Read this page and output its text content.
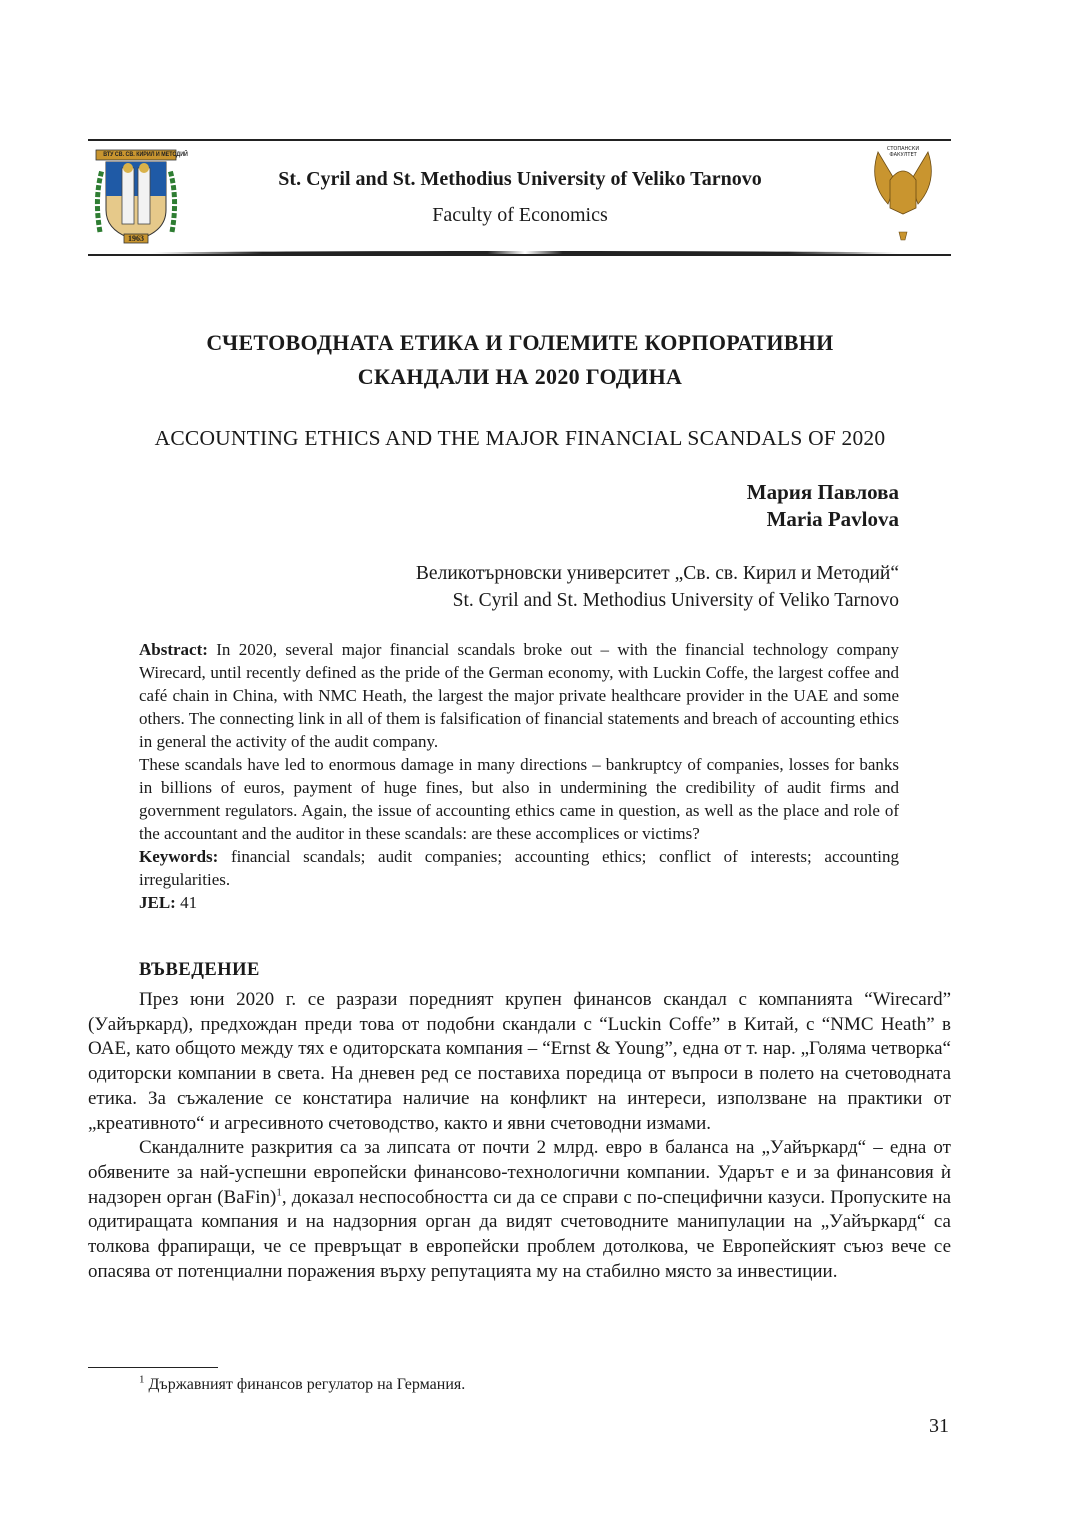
ВТУ СВ. СВ. КИРИЛ И МЕТОДИЙ
1963
St. Cyril and St. Methodius University of Veliko Tarnovo
Faculty of Economics
СТОПАНСКИ
ФАКУЛТЕТ
СЧЕТОВОДНАТА ЕТИКА И ГОЛЕМИТЕ КОРПОРАТИВНИ
СКАНДАЛИ НА 2020 ГОДИНА
ACCOUNTING ETHICS AND THE MAJOR FINANCIAL SCANDALS OF 2020
Мария Павлова
Maria Pavlova
Великотърновски университет „Св. св. Кирил и Методий“
St. Cyril and St. Methodius University of Veliko Tarnovo

Abstract: In 2020, several major financial scandals broke out – with the financial technology company Wirecard, until recently defined as the pride of the German economy, with Luckin Coffe, the largest coffee and café chain in China, with NMC Heath, the largest the major private healthcare provider in the UAE and some others. The connecting link in all of them is falsification of financial statements and breach of accounting ethics in general the activity of the audit company.

These scandals have led to enormous damage in many directions – bankruptcy of companies, losses for banks in billions of euros, payment of huge fines, but also in undermining the credibility of audit firms and government regulators. Again, the issue of accounting ethics came in question, as well as the place and role of the accountant and the auditor in these scandals: are these accomplices or victims?

Keywords: financial scandals; audit companies; accounting ethics; conflict of interests; accounting irregularities.

JEL: 41

ВЪВЕДЕНИЕ

През юни 2020 г. се разрази поредният крупен финансов скандал с компанията “Wirecard” (Уайъркард), предхождан преди това от подобни скандали с “Luckin Coffe” в Китай, с “NMC Heath” в ОАЕ, като общото между тях е одиторската компания – “Ernst & Young”, една от т. нар. „Голяма четворка“ одиторски компании в света. На дневен ред се поставиха поредица от въпроси в полето на счетоводната етика. За съжаление се констатира наличие на конфликт на интереси, използване на практики от „креативното“ и агресивното счетоводство, както и явни счетоводни измами.

Скандалните разкрития са за липсата от почти 2 млрд. евро в баланса на „Уайъркард“ – една от обявените за най-успешни европейски финансово-технологични компании. Ударът е и за финансовия ѝ надзорен орган (BaFin)$^1$, доказал неспособността си да се справи с по-специфични казуси. Пропуските на одитиращата компания и на надзорния орган да видят счетоводните манипулации на „Уайъркард“ са толкова фрапиращи, че се превръщат в европейски проблем дотолкова, че Европейският съюз вече се опасява от потенциални поражения върху репутацията му на стабилно място за инвестиции.

$^1$ Държавният финансов регулатор на Германия.
31
